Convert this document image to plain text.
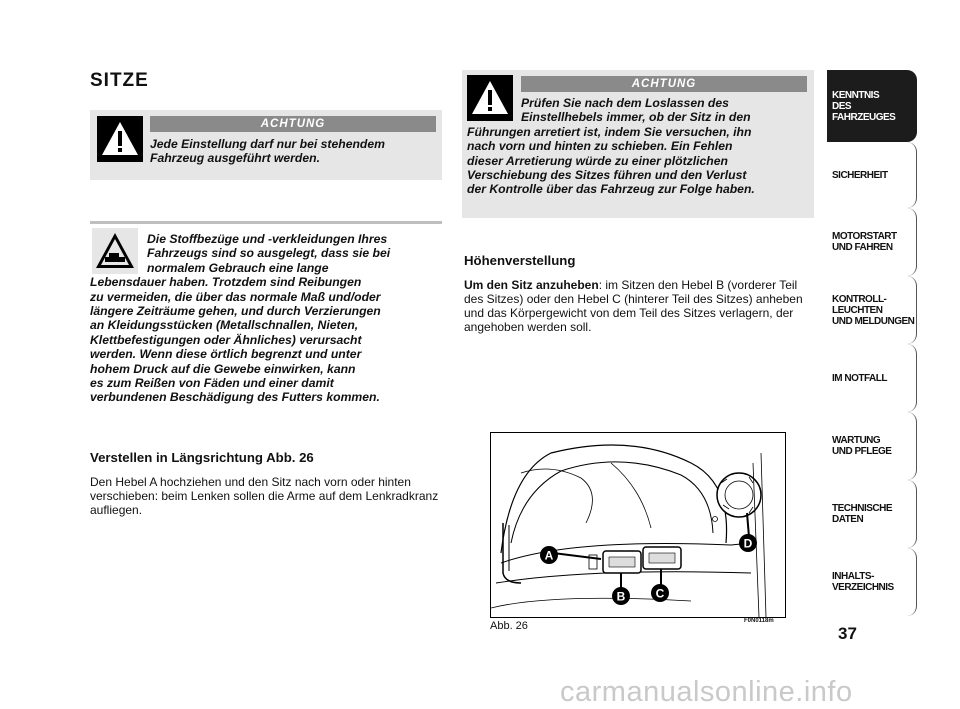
SITZE
ACHTUNG
Jede Einstellung darf nur bei stehendem Fahrzeug ausgeführt werden.
Die Stoffbezüge und -verkleidungen Ihres
Fahrzeugs sind so ausgelegt, dass sie bei
normalem Gebrauch eine lange
Lebensdauer haben. Trotzdem sind Reibungen
zu vermeiden, die über das normale Maß und/oder
längere Zeiträume gehen, und durch Verzierungen
an Kleidungsstücken (Metallschnallen, Nieten,
Klettbefestigungen oder Ähnliches) verursacht
werden. Wenn diese örtlich begrenzt und unter
hohem Druck auf die Gewebe einwirken, kann
es zum Reißen von Fäden und einer damit
verbundenen Beschädigung des Futters kommen.
Verstellen in Längsrichtung Abb. 26
Den Hebel A hochziehen und den Sitz nach vorn oder hinten verschieben: beim Lenken sollen die Arme auf dem Lenkradkranz aufliegen.
ACHTUNG
Prüfen Sie nach dem Loslassen des
Einstellhebels immer, ob der Sitz in den
Führungen arretiert ist, indem Sie versuchen, ihn
nach vorn und hinten zu schieben. Ein Fehlen
dieser Arretierung würde zu einer plötzlichen
Verschiebung des Sitzes führen und den Verlust
der Kontrolle über das Fahrzeug zur Folge haben.
Höhenverstellung
Um den Sitz anzuheben: im Sitzen den Hebel B (vorderer Teil des Sitzes) oder den Hebel C (hinterer Teil des Sitzes) anheben und das Körpergewicht von dem Teil des Sitzes verlagern, der angehoben werden soll.
A
B	C
D
Abb. 26	F0N0118m
KENNTNIS
DES FAHRZEUGES
SICHERHEIT
MOTORSTART
UND FAHREN
KONTROLL-
LEUCHTEN
UND MELDUNGEN
IM NOTFALL
WARTUNG
UND PFLEGE
TECHNISCHE
DATEN
INHALTS-
VERZEICHNIS
37
carmanualsonline.info
